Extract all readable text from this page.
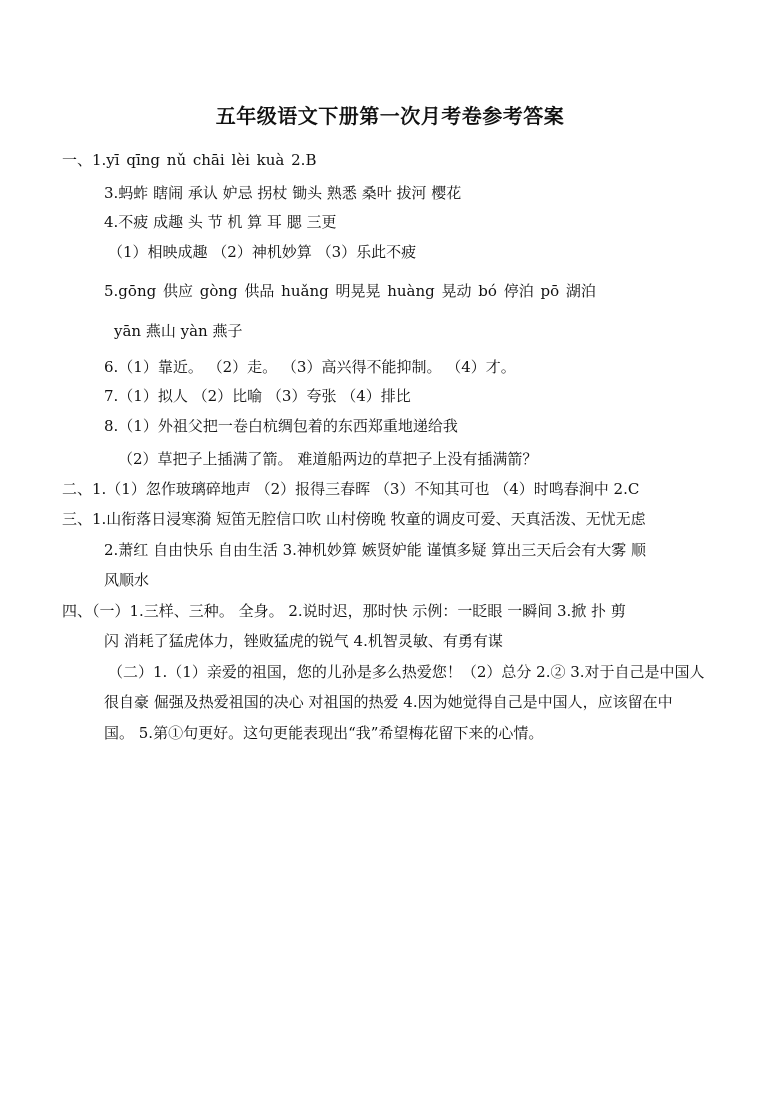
五年级语文下册第一次月考卷参考答案
一、1.yī qīng nǔ chāi lèi kuà 2.B
3.蚂蚱 瞎闹 承认 妒忌 拐杖 锄头 熟悉 桑叶 拔河 樱花
4.不疲 成趣 头 节 机 算 耳 腮 三更
（1）相映成趣 （2）神机妙算 （3）乐此不疲
5.gōng 供应 gòng 供品 huǎng 明晃晃 huàng 晃动 bó 停泊 pō 湖泊
yān 燕山 yàn 燕子
6.（1）靠近。 （2）走。 （3）高兴得不能抑制。 （4）才。
7.（1）拟人 （2）比喻 （3）夸张 （4）排比
8.（1）外祖父把一卷白杭绸包着的东西郑重地递给我
（2）草把子上插满了箭。 难道船两边的草把子上没有插满箭？
二、1.（1）忽作玻璃碎地声 （2）报得三春晖 （3）不知其可也 （4）时鸣春涧中 2.C
三、1.山衔落日浸寒漪 短笛无腔信口吹 山村傍晚 牧童的调皮可爱、天真活泼、无忧无虑
2.萧红 自由快乐 自由生活 3.神机妙算 嫉贤妒能 谨慎多疑 算出三天后会有大雾 顺
风顺水
四、（一）1.三样、三种。 全身。 2.说时迟，那时快 示例：一眨眼 一瞬间 3.掀 扑 剪
闪 消耗了猛虎体力，锉败猛虎的锐气 4.机智灵敏、有勇有谋
（二）1.（1）亲爱的祖国，您的儿孙是多么热爱您！（2）总分 2.② 3.对于自己是中国人
很自豪 倔强及热爱祖国的决心 对祖国的热爱 4.因为她觉得自己是中国人，应该留在中
国。 5.第①句更好。这句更能表现出“我”希望梅花留下来的心情。
